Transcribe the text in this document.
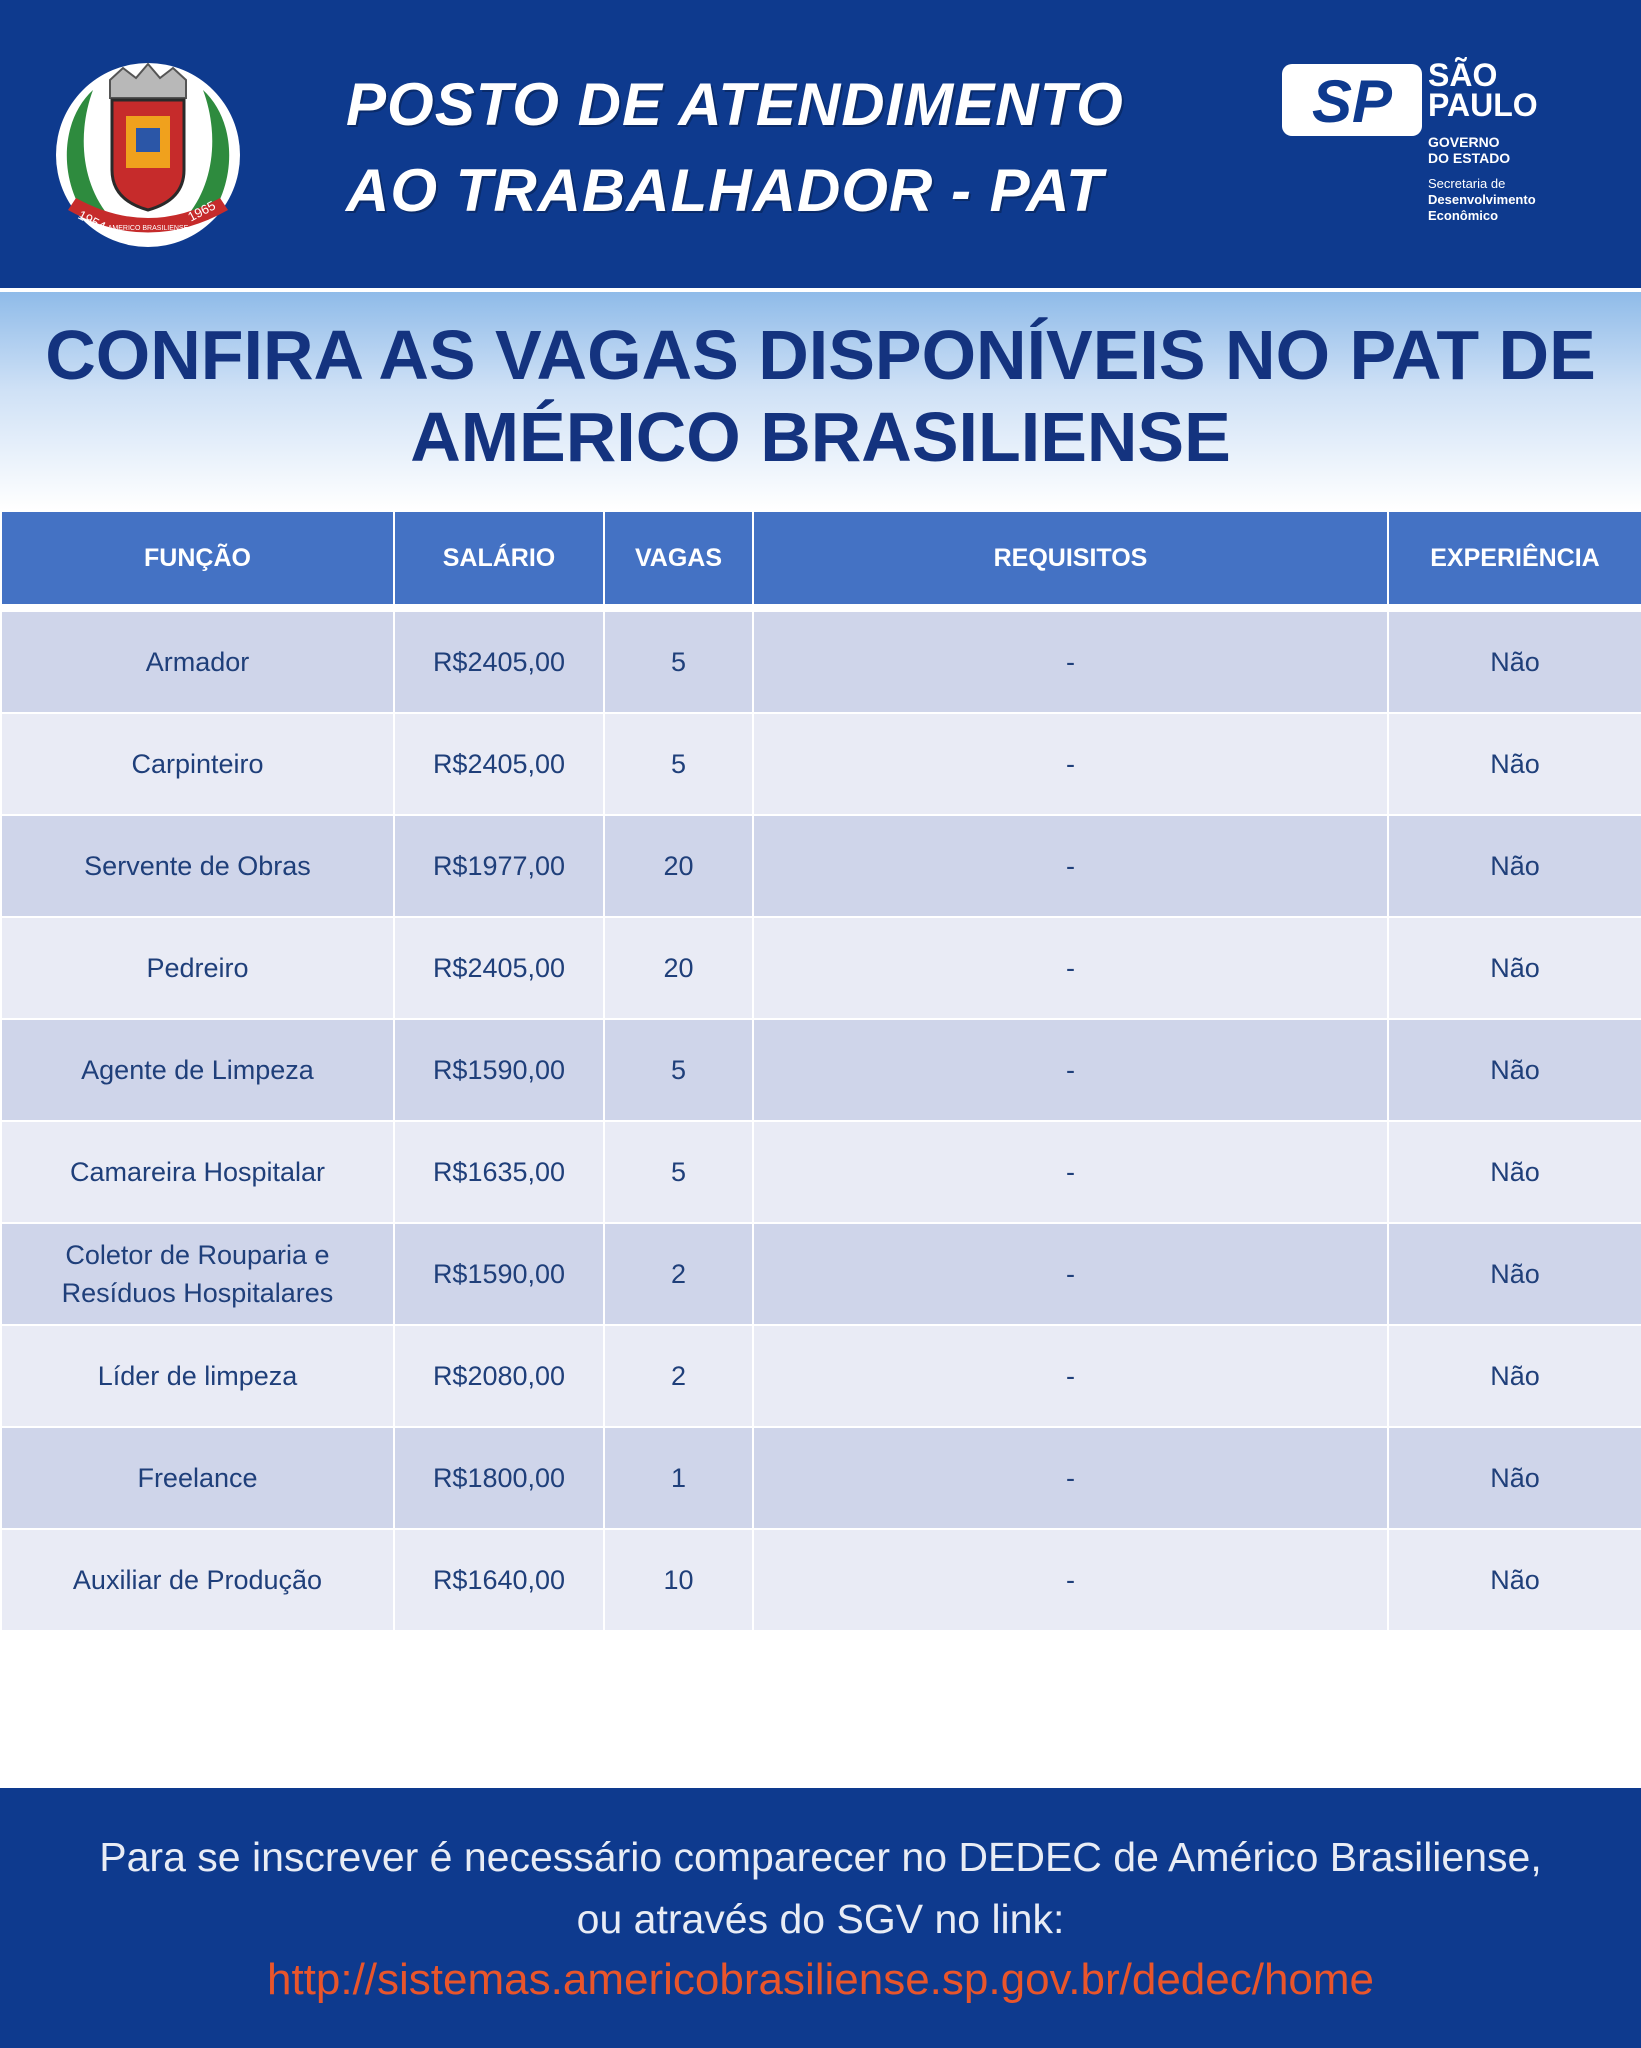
1954	1965
AMERICO BRASILIENSE
POSTO DE ATENDIMENTO
AO TRABALHADOR - PAT
SP SÃO
PAULO
GOVERNO
DO ESTADO
Secretaria de
Desenvolvimento
Econômico
CONFIRA AS VAGAS DISPONÍVEIS NO PAT DE
AMÉRICO BRASILIENSE
FUNÇÃO	SALÁRIO	VAGAS	REQUISITOS	EXPERIÊNCIA

Armador	R$2405,00	5	-	Não
Carpinteiro	R$2405,00	5	-	Não
Servente de Obras	R$1977,00	20	-	Não
Pedreiro	R$2405,00	20	-	Não
Agente de Limpeza	R$1590,00	5	-	Não
Camareira Hospitalar	R$1635,00	5	-	Não
Coletor de Rouparia e
Resíduos Hospitalares	R$1590,00	2	-	Não
Líder de limpeza	R$2080,00	2	-	Não
Freelance	R$1800,00	1	-	Não
Auxiliar de Produção	R$1640,00	10	-	Não
Para se inscrever é necessário comparecer no DEDEC de Américo Brasiliense,
ou através do SGV no link:
http://sistemas.americobrasiliense.sp.gov.br/dedec/home
